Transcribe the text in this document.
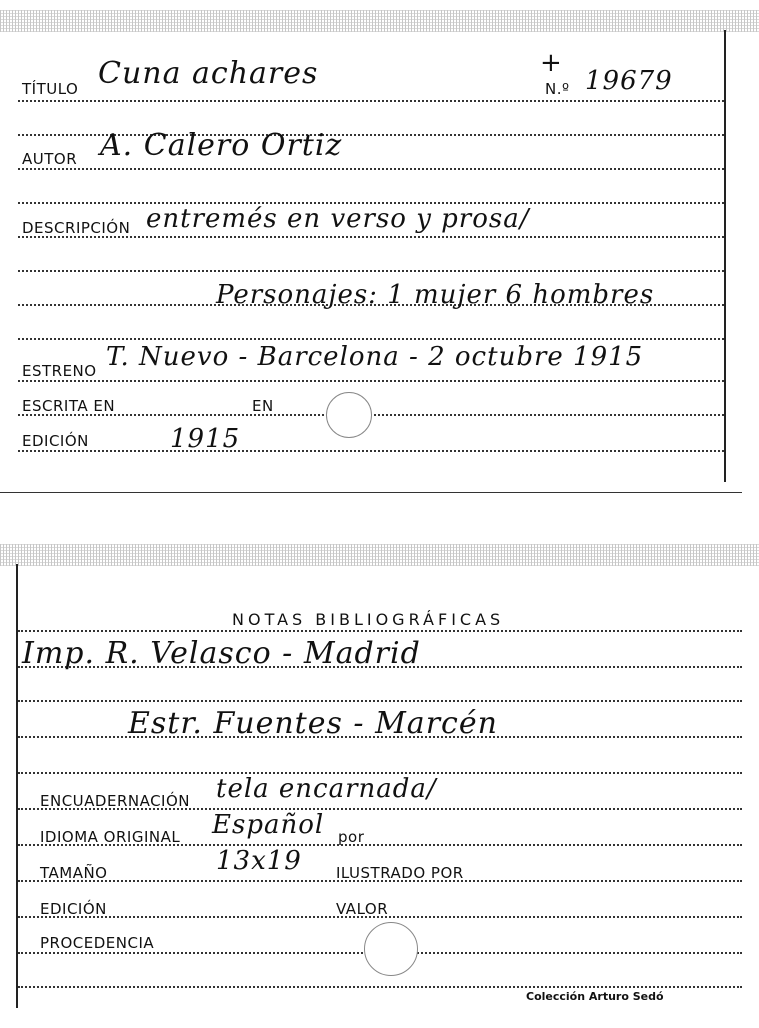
TÍTULO Cuna achares	+
N.º 19679
AUTOR A. Calero Ortiz
DESCRIPCIÓN entremés en verso y prosa/
Personajes: 1 mujer 6 hombres
ESTRENO T. Nuevo - Barcelona - 2 octubre 1915
ESCRITA EN	EN
EDICIÓN	1915
NOTAS BIBLIOGRÁFICAS
Imp. R. Velasco - Madrid
Estr. Fuentes - Marcén
ENCUADERNACIÓN tela encarnada/
IDIOMA ORIGINAL Español por
TAMAÑO	13x19 ILUSTRADO POR
EDICIÓN	VALOR
PROCEDENCIA
Colección Arturo Sedó
